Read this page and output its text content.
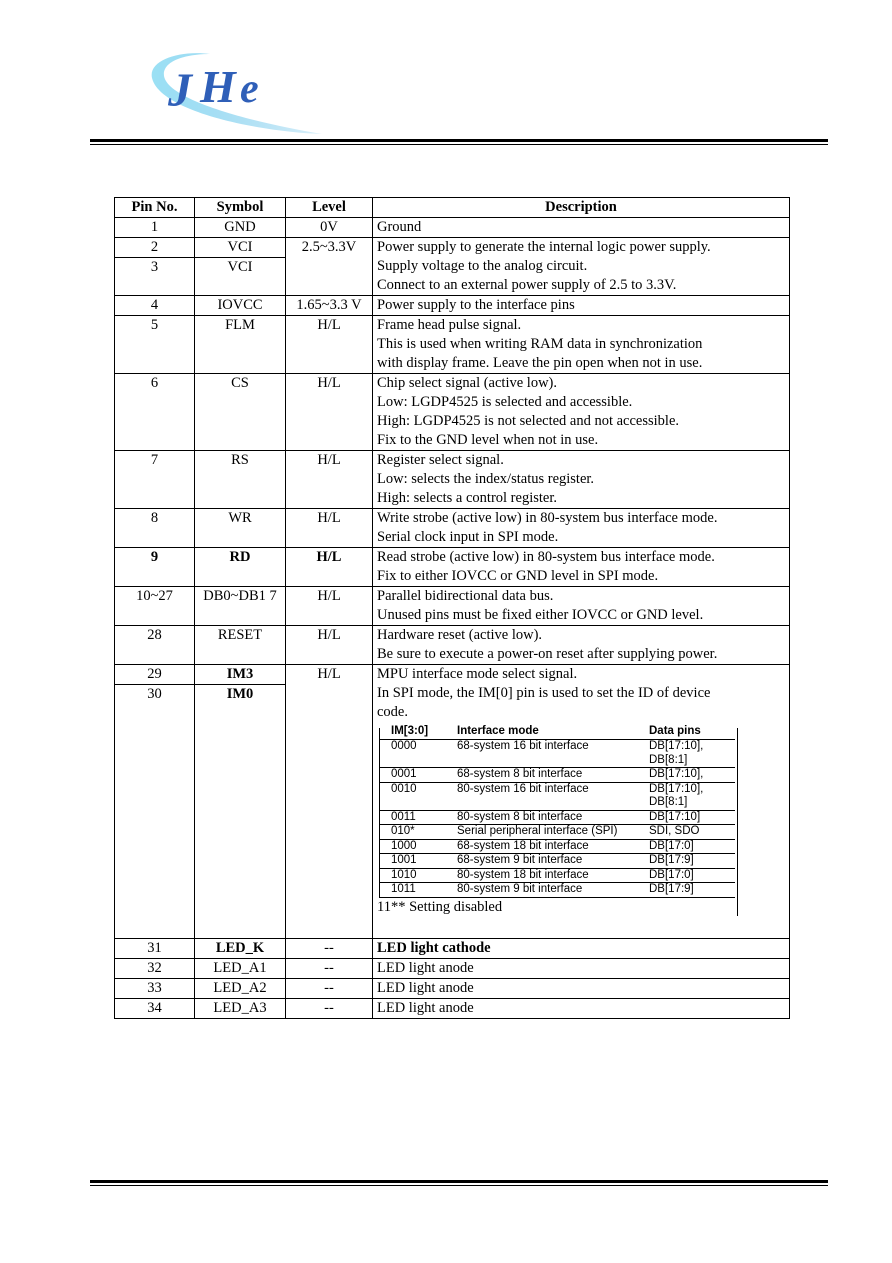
J H e
Pin No.	Symbol	Level	Description
1	GND	0V	Ground

2	VCI	2.5~3.3V	Power supply to generate the internal logic power supply.
Supply voltage to the analog circuit.
Connect to an external power supply of 2.5 to 3.3V.

3	VCI
4	IOVCC	1.65~3.3 V	Power supply to the interface pins

5	FLM	H/L	Frame head pulse signal.
This is used when writing RAM data in synchronization
with display frame. Leave the pin open when not in use.

6	CS	H/L	Chip select signal (active low).
Low: LGDP4525 is selected and accessible.
High: LGDP4525 is not selected and not accessible.
Fix to the GND level when not in use.

7	RS	H/L	Register select signal.
Low: selects the index/status register.
High: selects a control register.

8	WR	H/L	Write strobe (active low) in 80-system bus interface mode.
Serial clock input in SPI mode.

9	RD	H/L	Read strobe (active low) in 80-system bus interface mode.
Fix to either IOVCC or GND level in SPI mode.

10~27	DB0~DB1 7	H/L	Parallel bidirectional data bus.
Unused pins must be fixed either IOVCC or GND level.

28	RESET	H/L	Hardware reset (active low).
Be sure to execute a power-on reset after supplying power.

29	IM3	H/L	MPU interface mode select signal.
In SPI mode, the IM[0] pin is used to set the ID of device
code.
IM[3:0]	Interface mode	Data pins
0000	68-system 16 bit interface	DB[17:10], DB[8:1]
0001	68-system 8 bit interface	DB[17:10],
0010	80-system 16 bit interface	DB[17:10], DB[8:1]
0011	80-system 8 bit interface	DB[17:10]
010*	Serial peripheral interface (SPI)	SDI, SDO
1000	68-system 18 bit interface	DB[17:0]
1001	68-system 9 bit interface	DB[17:9]
1010	80-system 18 bit interface	DB[17:0]
1011	80-system 9 bit interface	DB[17:9]
11** Setting disabled

30	IM0
31	LED_K	--	LED light cathode

32	LED_A1	--	LED light anode

33	LED_A2	--	LED light anode

34	LED_A3	--	LED light anode
